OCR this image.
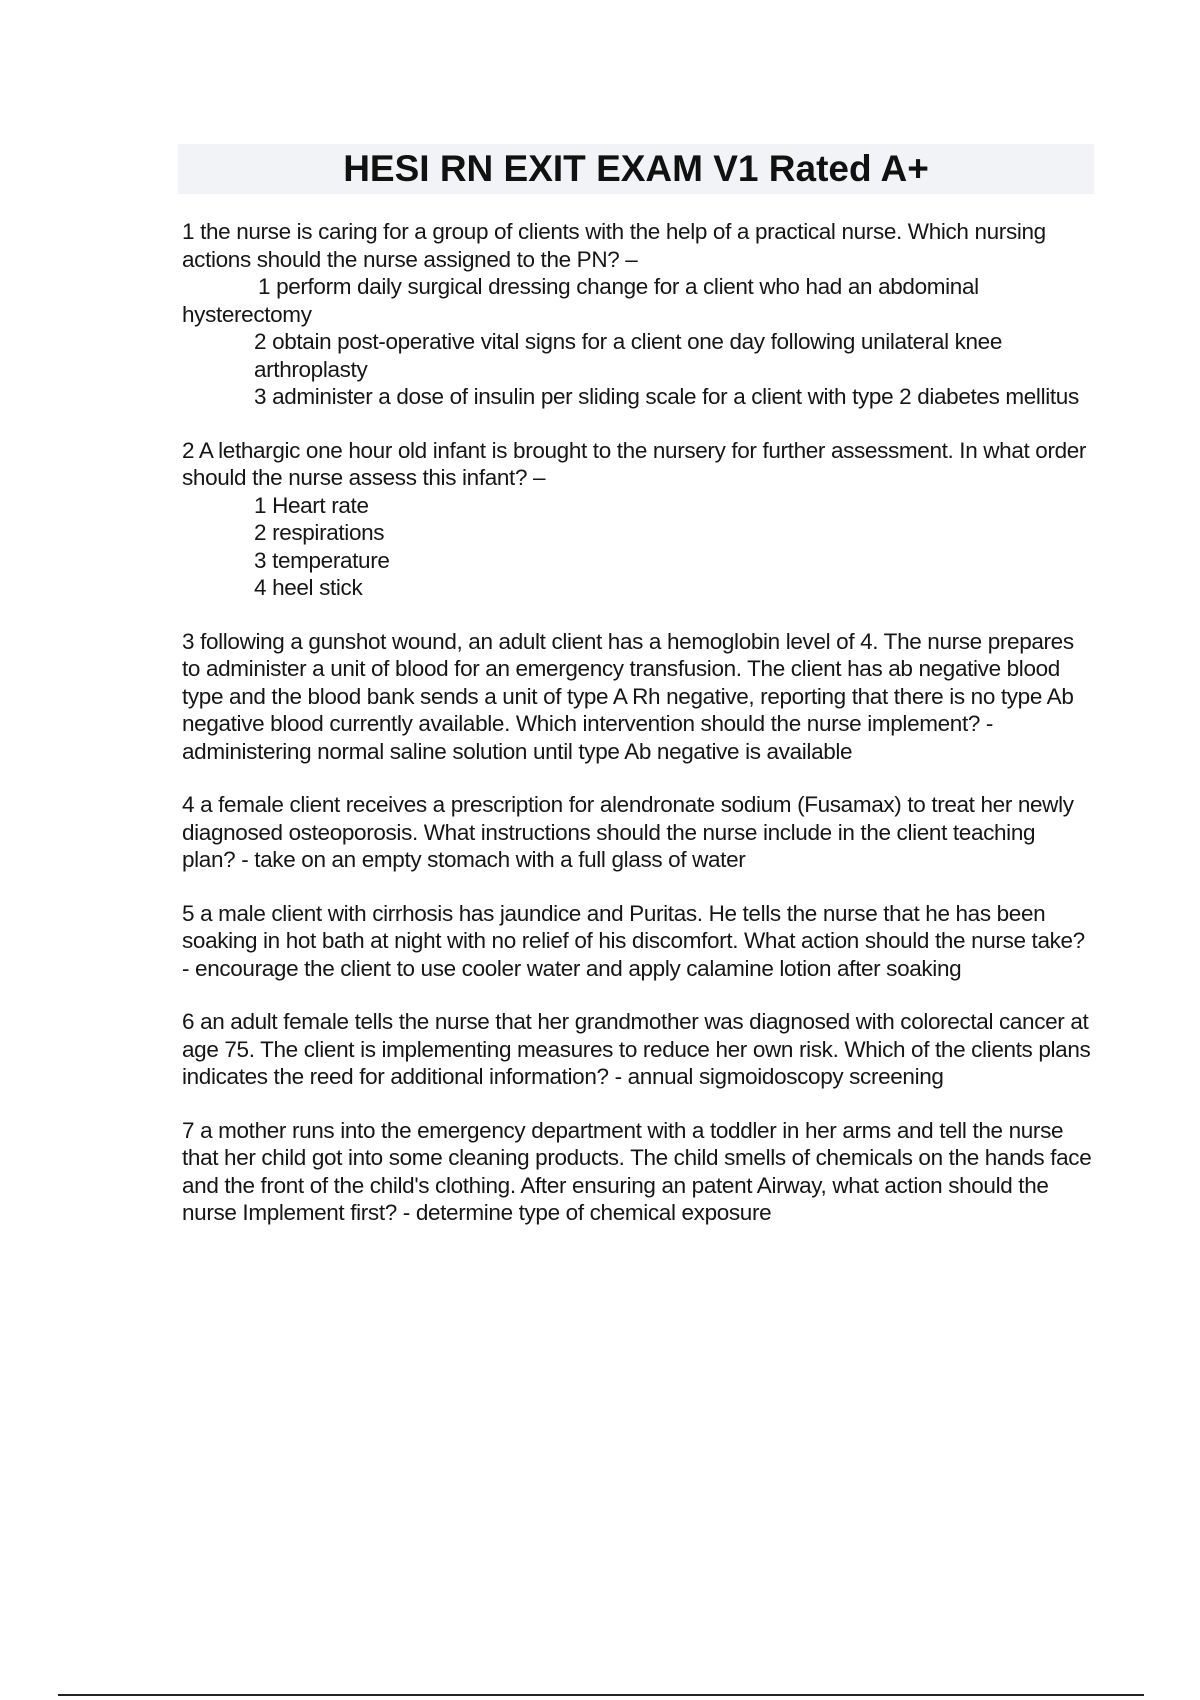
HESI RN EXIT EXAM V1 Rated A+
1 the nurse is caring for a group of clients with the help of a practical nurse. Which nursing actions should the nurse assigned to the PN? –
1 perform daily surgical dressing change for a client who had an abdominal hysterectomy
2 obtain post-operative vital signs for a client one day following unilateral knee arthroplasty
3 administer a dose of insulin per sliding scale for a client with type 2 diabetes mellitus
2 A lethargic one hour old infant is brought to the nursery for further assessment. In what order should the nurse assess this infant? –
1 Heart rate
2 respirations
3 temperature
4 heel stick
3 following a gunshot wound, an adult client has a hemoglobin level of 4. The nurse prepares to administer a unit of blood for an emergency transfusion. The client has ab negative blood type and the blood bank sends a unit of type A Rh negative, reporting that there is no type Ab negative blood currently available. Which intervention should the nurse implement? - administering normal saline solution until type Ab negative is available
4 a female client receives a prescription for alendronate sodium (Fusamax) to treat her newly diagnosed osteoporosis. What instructions should the nurse include in the client teaching plan? - take on an empty stomach with a full glass of water
5 a male client with cirrhosis has jaundice and Puritas. He tells the nurse that he has been soaking in hot bath at night with no relief of his discomfort. What action should the nurse take? - encourage the client to use cooler water and apply calamine lotion after soaking
6 an adult female tells the nurse that her grandmother was diagnosed with colorectal cancer at age 75. The client is implementing measures to reduce her own risk. Which of the clients plans indicates the reed for additional information? - annual sigmoidoscopy screening
7 a mother runs into the emergency department with a toddler in her arms and tell the nurse that her child got into some cleaning products. The child smells of chemicals on the hands face and the front of the child's clothing. After ensuring an patent Airway, what action should the nurse Implement first? - determine type of chemical exposure
